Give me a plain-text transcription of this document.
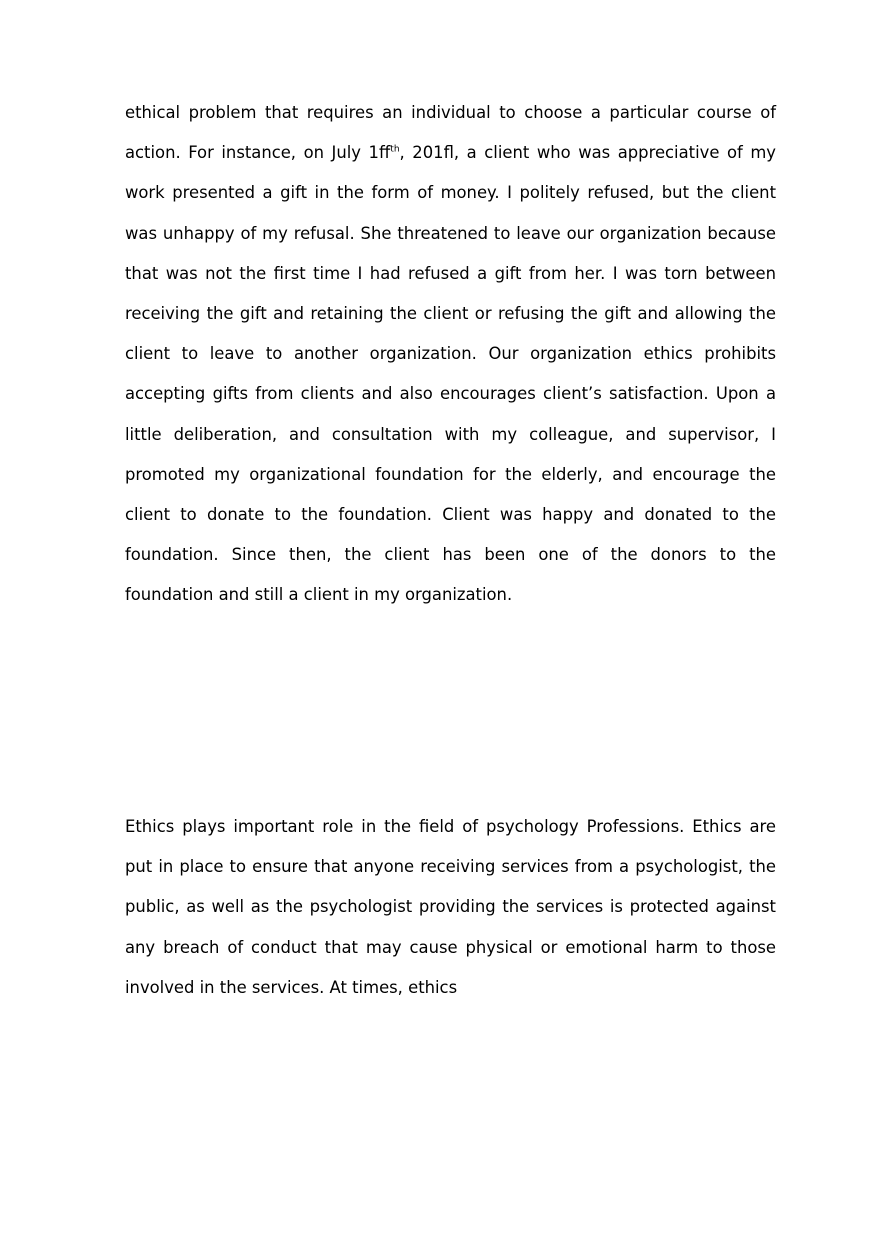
ethical problem that requires an individual to choose a particular course of action. For instance, on July $1ff^{th}$, 201fl, a client who was appreciative of my work presented a gift in the form of money. I politely refused, but the client was unhappy of my refusal. She threatened to leave our organization because that was not the first time I had refused a gift from her. I was torn between receiving the gift and retaining the client or refusing the gift and allowing the client to leave to another organization. Our organization ethics prohibits accepting gifts from clients and also encourages client’s satisfaction. Upon a little deliberation, and consultation with my colleague, and supervisor, I promoted my organizational foundation for the elderly, and encourage the client to donate to the foundation. Client was happy and donated to the foundation. Since then, the client has been one of the donors to the foundation and still a client in my organization.

Ethics plays important role in the field of psychology Professions. Ethics are put in place to ensure that anyone receiving services from a psychologist, the public, as well as the psychologist providing the services is protected against any breach of conduct that may cause physical or emotional harm to those involved in the services. At times, ethics
